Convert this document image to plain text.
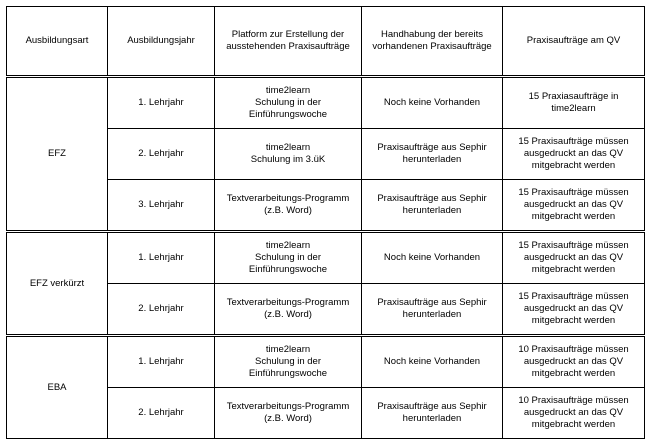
Ausbildungsart	Ausbildungsjahr	Platform zur Erstellung der
ausstehenden Praxisaufträge	Handhabung der bereits
vorhandenen Praxisaufträge	Praxisaufträge am QV
EFZ	1. Lehrjahr	time2learn
Schulung in der
Einführungswoche	Noch keine Vorhanden	15 Praxiasaufträge in
time2learn
	2. Lehrjahr	time2learn
Schulung im 3.üK	Praxisaufträge aus Sephir
herunterladen	15 Praxisaufträge müssen
ausgedruckt an das QV
mitgebracht werden
	3. Lehrjahr	Textverarbeitungs-Programm
(z.B. Word)	Praxisaufträge aus Sephir
herunterladen	15 Praxisaufträge müssen
ausgedruckt an das QV
mitgebracht werden
EFZ verkürzt	1. Lehrjahr	time2learn
Schulung in der
Einführungswoche	Noch keine Vorhanden	15 Praxisaufträge müssen
ausgedruckt an das QV
mitgebracht werden
	2. Lehrjahr	Textverarbeitungs-Programm
(z.B. Word)	Praxisaufträge aus Sephir
herunterladen	15 Praxisaufträge müssen
ausgedruckt an das QV
mitgebracht werden
EBA	1. Lehrjahr	time2learn
Schulung in der
Einführungswoche	Noch keine Vorhanden	10 Praxisaufträge müssen
ausgedruckt an das QV
mitgebracht werden
	2. Lehrjahr	Textverarbeitungs-Programm
(z.B. Word)	Praxisaufträge aus Sephir
herunterladen	10 Praxisaufträge müssen
ausgedruckt an das QV
mitgebracht werden
